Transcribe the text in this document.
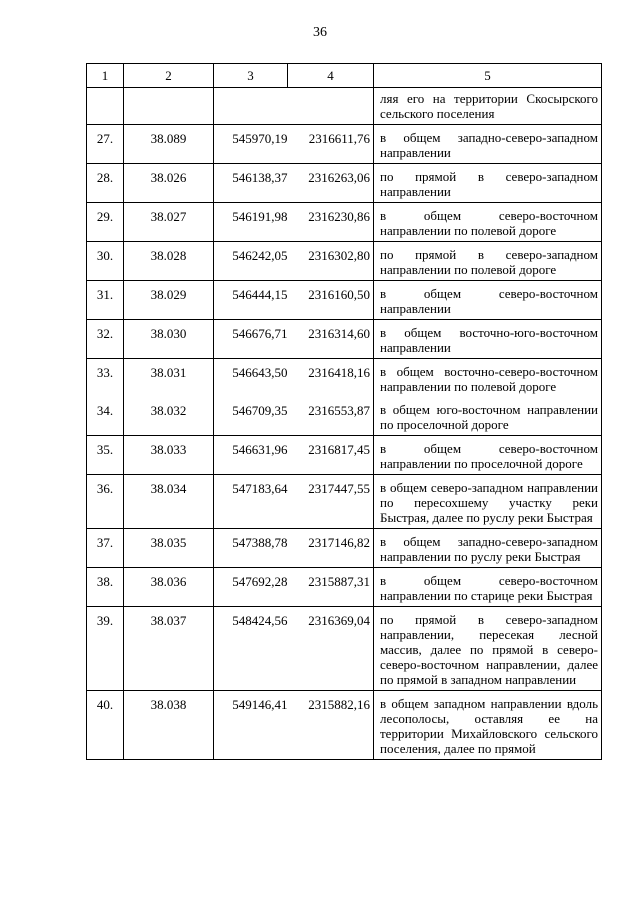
36
1	2	3	4	5
				ляя его на территории Скосырского сельского поселения
27.	38.089	545970,19	2316611,76	в общем западно-северо-западном направлении
28.	38.026	546138,37	2316263,06	по прямой в северо-западном направлении
29.	38.027	546191,98	2316230,86	в общем северо-восточном направлении по полевой дороге
30.	38.028	546242,05	2316302,80	по прямой в северо-западном направлении по полевой дороге
31.	38.029	546444,15	2316160,50	в общем северо-восточном направлении
32.	38.030	546676,71	2316314,60	в общем восточно-юго-восточном направлении
33.	38.031	546643,50	2316418,16	в общем восточно-северо-восточном направлении по полевой дороге
34.	38.032	546709,35	2316553,87	в общем юго-восточном направлении по проселочной дороге
35.	38.033	546631,96	2316817,45	в общем северо-восточном направлении по проселочной дороге
36.	38.034	547183,64	2317447,55	в общем северо-западном направлении по пересохшему участку реки Быстрая, далее по руслу реки Быстрая
37.	38.035	547388,78	2317146,82	в общем западно-северо-западном направлении по руслу реки Быстрая
38.	38.036	547692,28	2315887,31	в общем северо-восточном направлении по старице реки Быстрая
39.	38.037	548424,56	2316369,04	по прямой в северо-западном направлении, пересекая лесной массив, далее по прямой в северо-северо-восточном направлении, далее по прямой в западном направлении
40.	38.038	549146,41	2315882,16	в общем западном направлении вдоль лесополосы, оставляя ее на территории Михайловского сельского поселения, далее по прямой
